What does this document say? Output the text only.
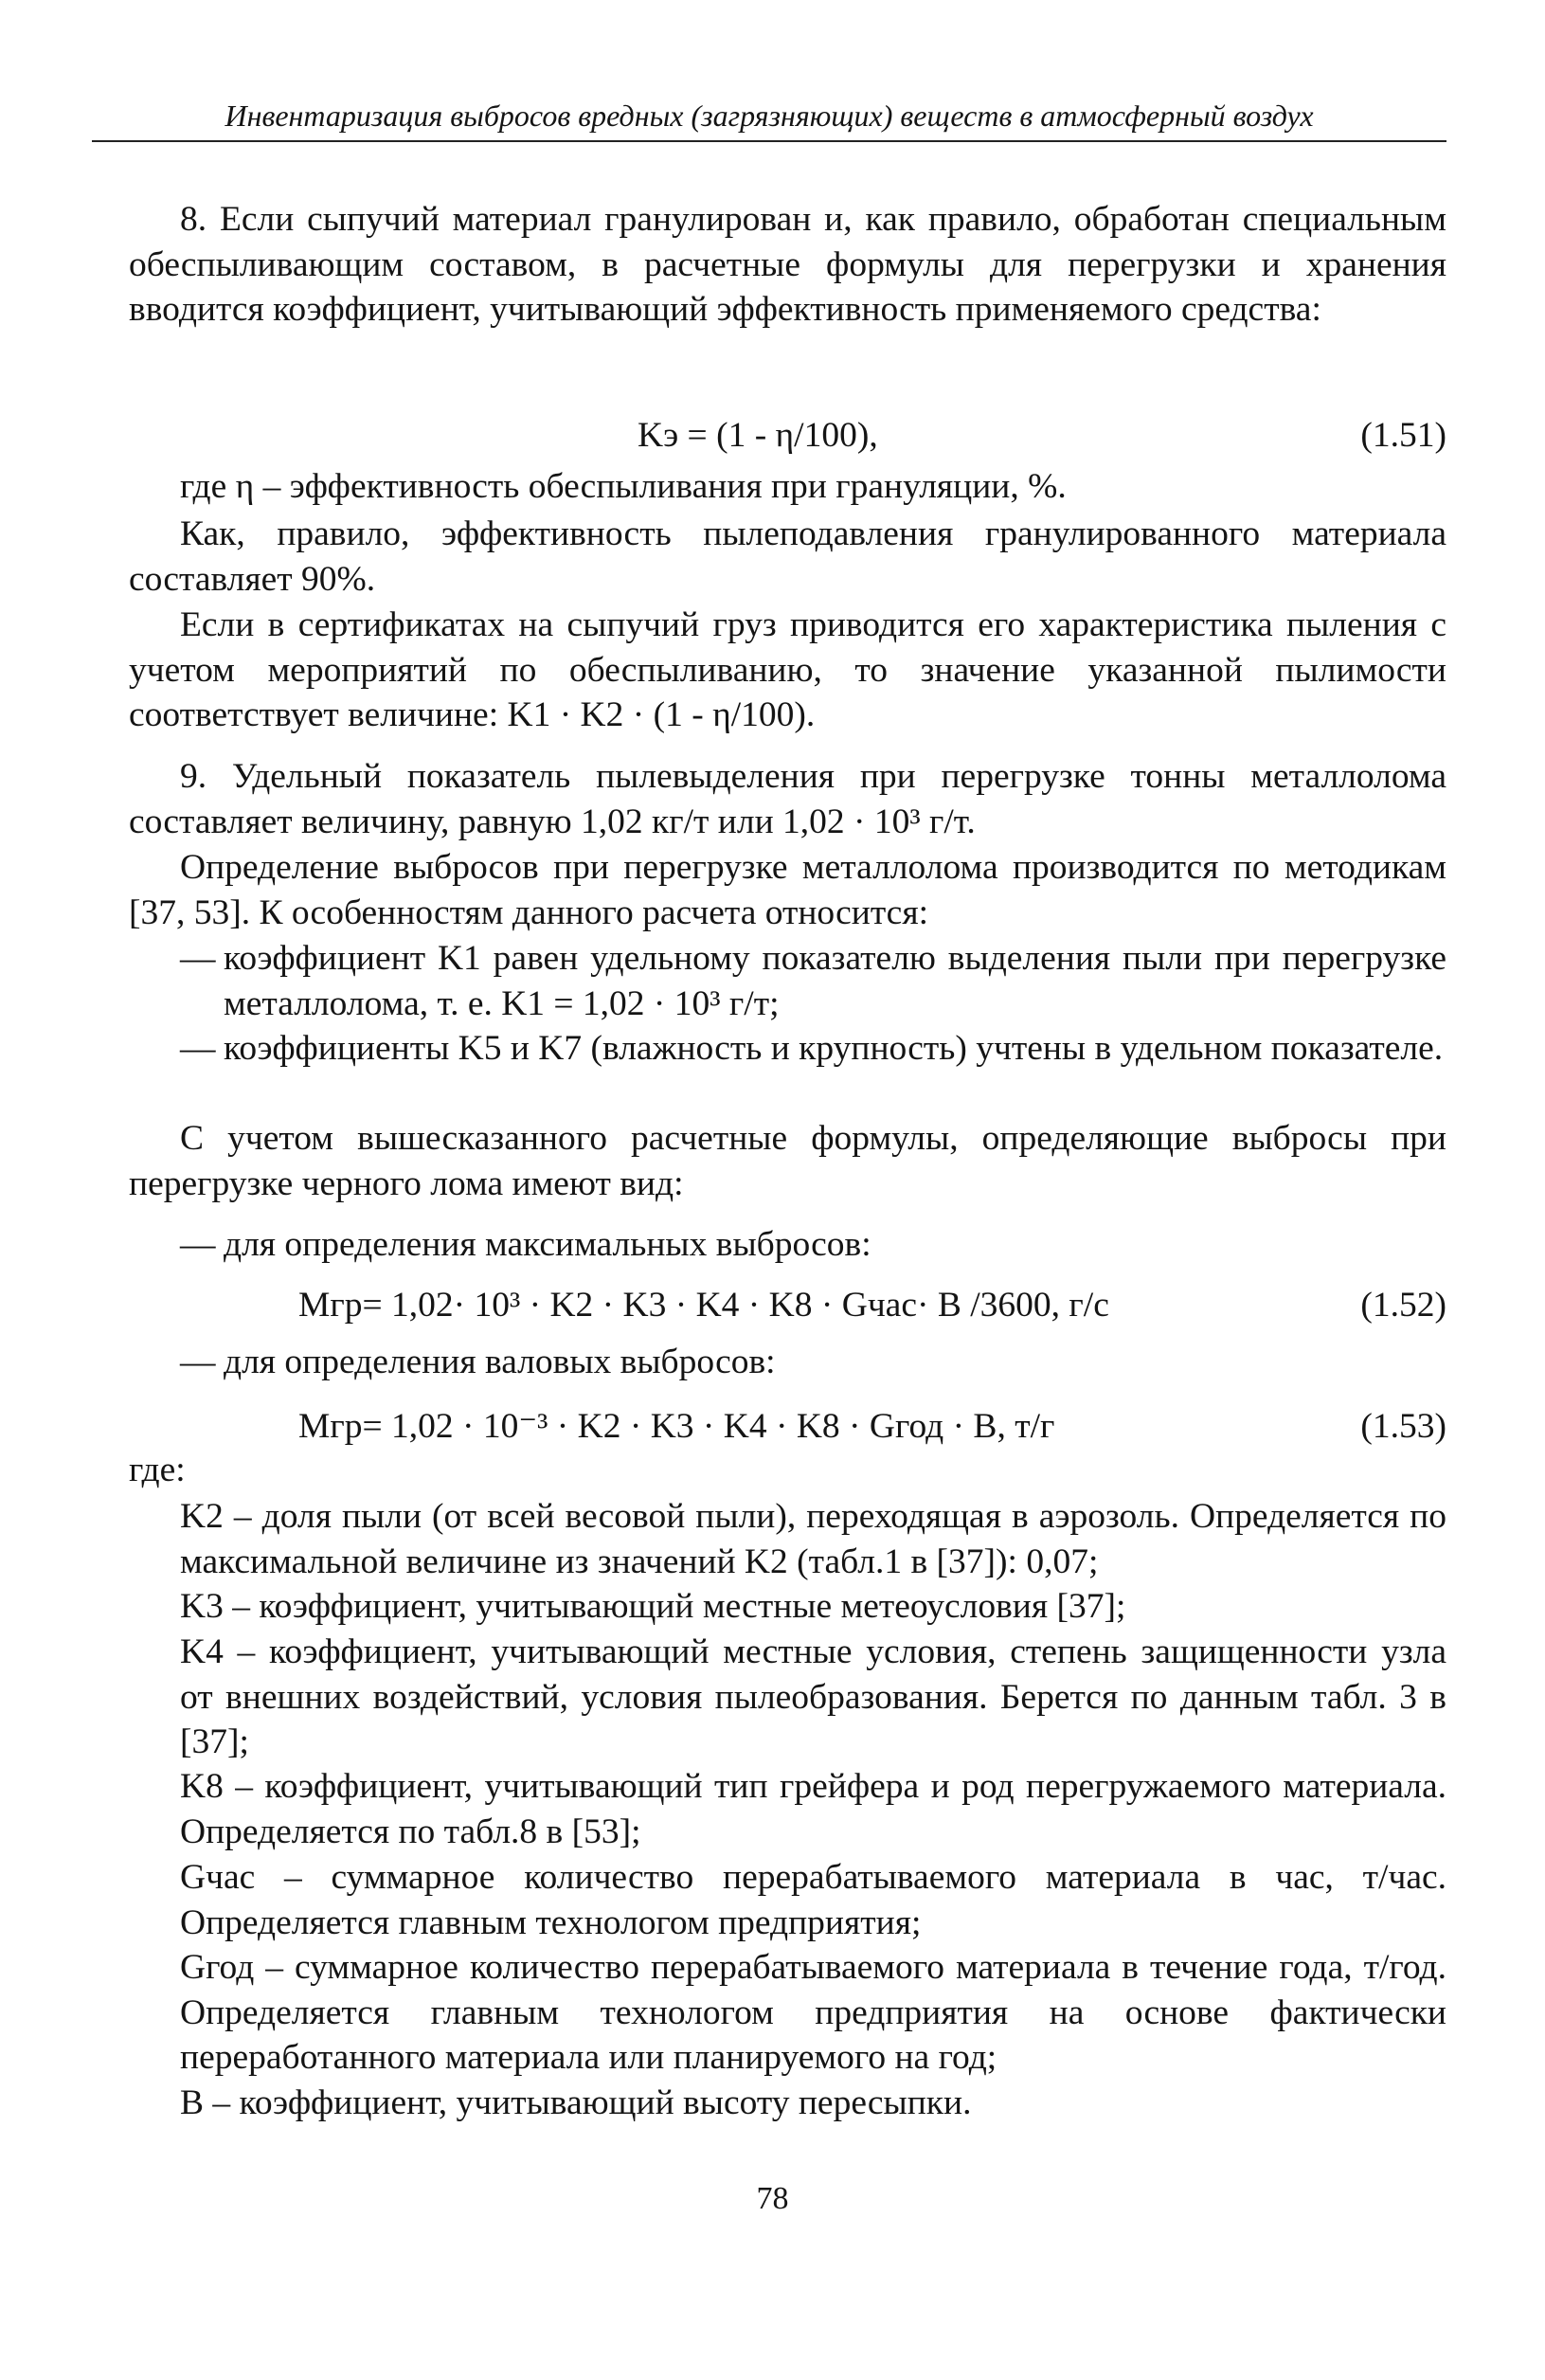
Инвентаризация выбросов вредных (загрязняющих) веществ в атмосферный воздух
8. Если сыпучий материал гранулирован и, как правило, обработан специальным обеспыливающим составом, в расчетные формулы для перегрузки и хранения вводится коэффициент, учитывающий эффективность применяемого средства:
Kэ = (1 - η/100),	(1.51)
где η – эффективность обеспыливания при грануляции, %.
Как, правило, эффективность пылеподавления гранулированного материала составляет 90%.
Если в сертификатах на сыпучий груз приводится его характеристика пыления с учетом мероприятий по обеспыливанию, то значение указанной пылимости соответствует величине: K1 · K2 · (1 - η/100).
9. Удельный показатель пылевыделения при перегрузке тонны металлолома составляет величину, равную 1,02 кг/т или 1,02 · 10³ г/т.
Определение выбросов при перегрузке металлолома производится по методикам [37, 53]. К особенностям данного расчета относится:
— коэффициент K1 равен удельному показателю выделения пыли при перегрузке металлолома, т. е. K1 = 1,02 · 10³ г/т;
— коэффициенты K5 и K7 (влажность и крупность) учтены в удельном показателе.
С учетом вышесказанного расчетные формулы, определяющие выбросы при перегрузке черного лома имеют вид:
— для определения максимальных выбросов:
Mгр= 1,02· 10³ · K2 · K3 · K4 · K8 · Gчас· B /3600, г/с	(1.52)
— для определения валовых выбросов:
Mгр= 1,02 · 10⁻³ · K2 · K3 · K4 · K8 · Gгод · B, т/г	(1.53)
где:
K2 – доля пыли (от всей весовой пыли), переходящая в аэрозоль. Определяется по максимальной величине из значений K2 (табл.1 в [37]): 0,07;
K3 – коэффициент, учитывающий местные метеоусловия [37];
K4 – коэффициент, учитывающий местные условия, степень защищенности узла от внешних воздействий, условия пылеобразования. Берется по данным табл. 3 в [37];
K8 – коэффициент, учитывающий тип грейфера и род перегружаемого материала. Определяется по табл.8 в [53];
Gчас – суммарное количество перерабатываемого материала в час, т/час. Определяется главным технологом предприятия;
Gгод – суммарное количество перерабатываемого материала в течение года, т/год. Определяется главным технологом предприятия на основе фактически переработанного материала или планируемого на год;
B – коэффициент, учитывающий высоту пересыпки.
78
